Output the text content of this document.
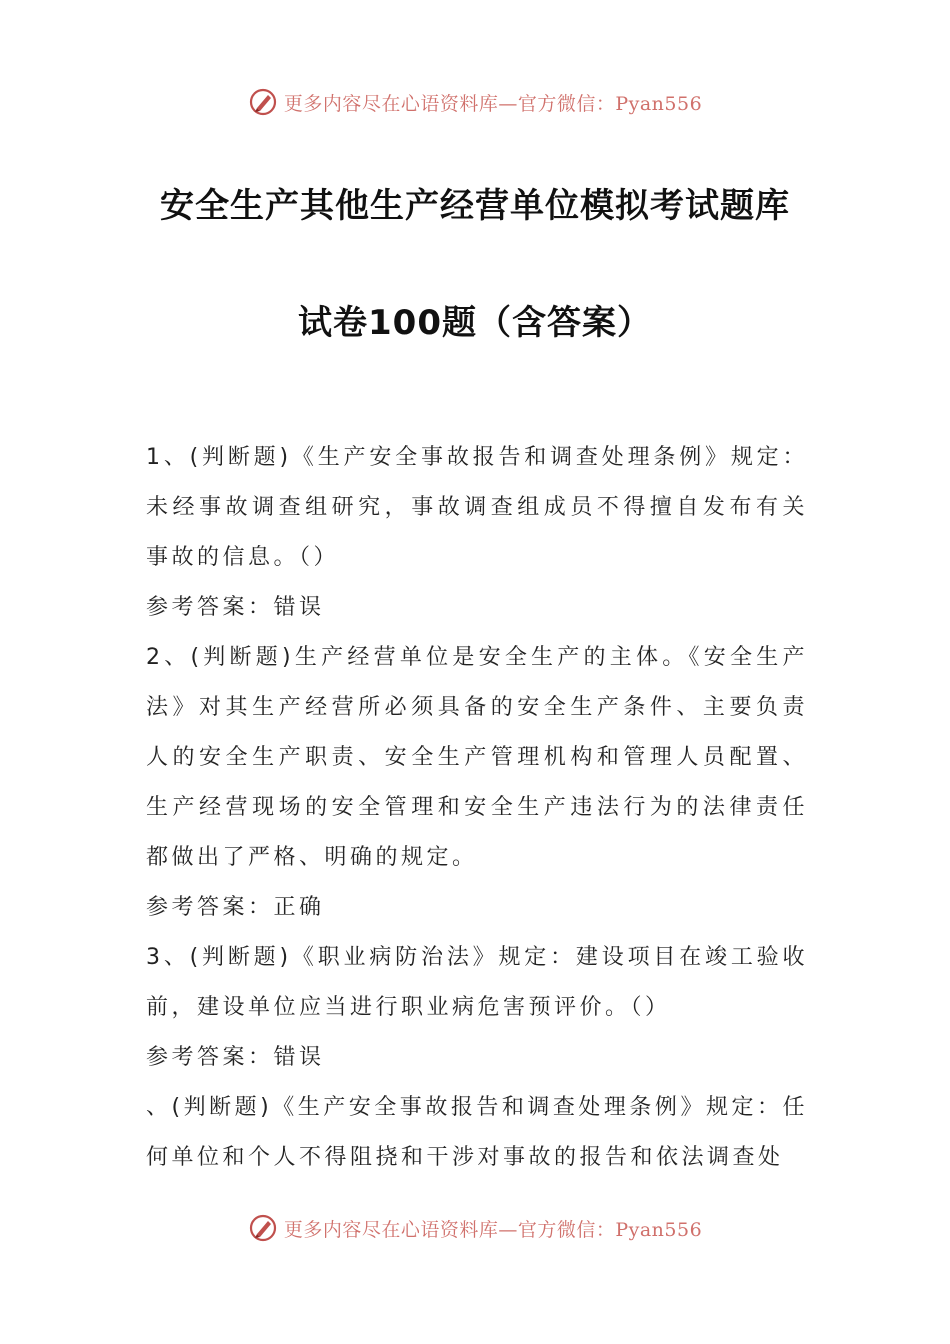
更多内容尽在心语资料库—官方微信：Pyan556
安全生产其他生产经营单位模拟考试题库
试卷100题（含答案）

1、(判断题)《生产安全事故报告和调查处理条例》规定：未经事故调查组研究，事故调查组成员不得擅自发布有关事故的信息。（）

参考答案：错误

2、(判断题)生产经营单位是安全生产的主体。《安全生产法》对其生产经营所必须具备的安全生产条件、主要负责人的安全生产职责、安全生产管理机构和管理人员配置、生产经营现场的安全管理和安全生产违法行为的法律责任都做出了严格、明确的规定。

参考答案：正确

3、(判断题)《职业病防治法》规定：建设项目在竣工验收前，建设单位应当进行职业病危害预评价。（）

参考答案：错误

、(判断题)《生产安全事故报告和调查处理条例》规定：任何单位和个人不得阻挠和干涉对事故的报告和依法调查处

更多内容尽在心语资料库—官方微信：Pyan556
